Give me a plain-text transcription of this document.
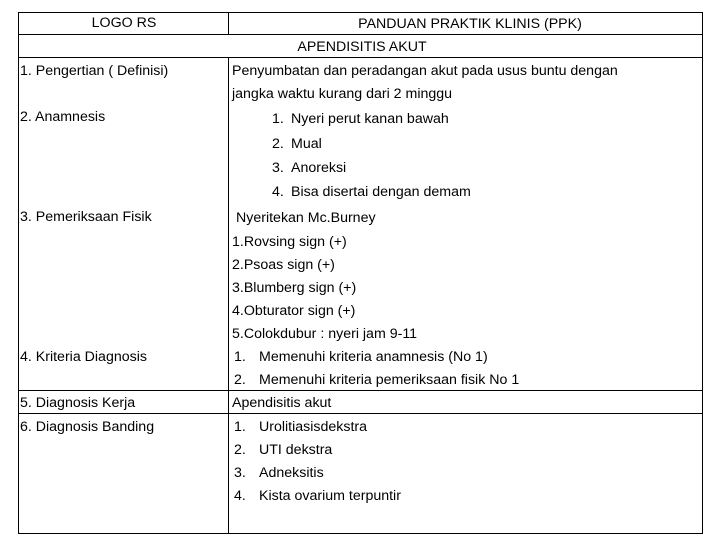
LOGO RS	PANDUAN PRAKTIK KLINIS (PPK)
APENDISITIS AKUT
1. Pengertian ( Definisi)
2. Anamnesis
3. Pemeriksaan Fisik
4. Kriteria Diagnosis
5. Diagnosis Kerja
6. Diagnosis Banding
Penyumbatan dan peradangan akut pada usus buntu dengan
jangka waktu kurang dari 2 minggu
1. Nyeri perut kanan bawah
2. Mual
3. Anoreksi
4. Bisa disertai dengan demam
Nyeritekan Mc.Burney
1.Rovsing sign (+)
2.Psoas sign (+)
3.Blumberg sign (+)
4.Obturator sign (+)
5.Colokdubur : nyeri jam 9-11
1. Memenuhi kriteria anamnesis (No 1)
2. Memenuhi kriteria pemeriksaan fisik No 1
Apendisitis akut
1. Urolitiasisdekstra
2. UTI dekstra
3. Adneksitis
4. Kista ovarium terpuntir
